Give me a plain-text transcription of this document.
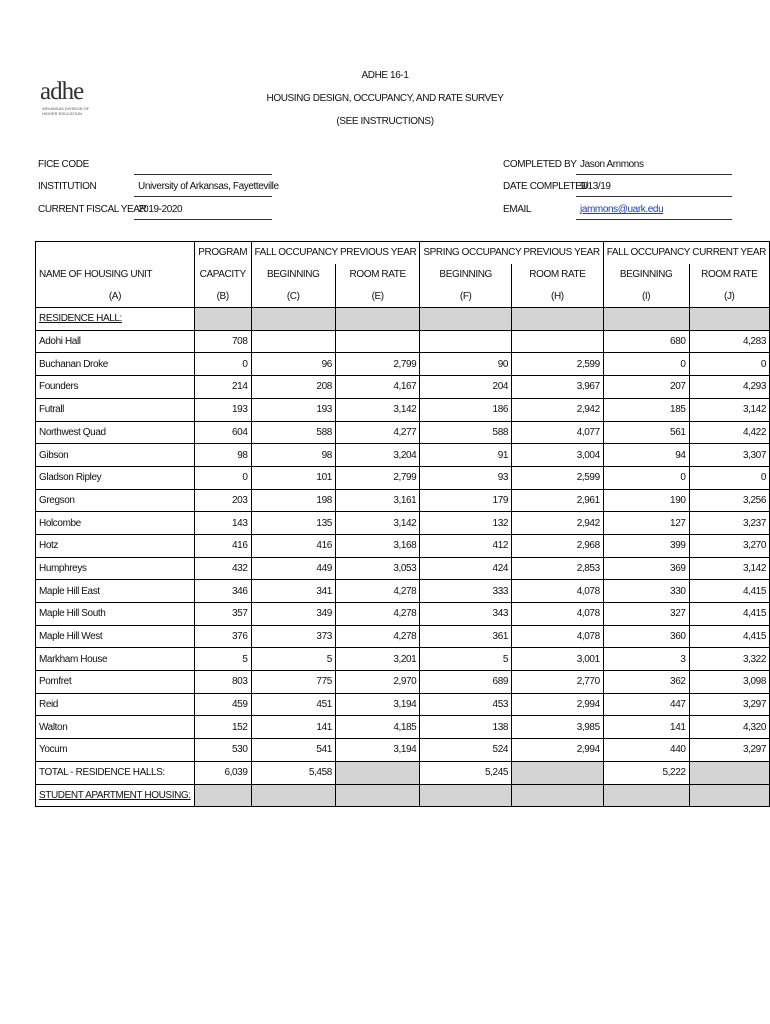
adhe
ARKANSAS DIVISION OF HIGHER EDUCATION
ADHE 16-1
HOUSING DESIGN, OCCUPANCY, AND RATE SURVEY
(SEE INSTRUCTIONS)
FICE CODE
INSTITUTION	University of Arkansas, Fayetteville
CURRENT FISCAL YEAR
2019-2020
COMPLETED BY Jason Ammons
DATE COMPLETED
9/13/19
EMAIL	jammons@uark.edu
	PROGRAM	FALL OCCUPANCY PREVIOUS YEAR		SPRING OCCUPANCY PREVIOUS YEAR		FALL OCCUPANCY CURRENT YEAR	
NAME OF HOUSING UNIT	CAPACITY	BEGINNING	ROOM RATE	BEGINNING	ROOM RATE	BEGINNING	ROOM RATE
(A)	(B)	(C)	(E)	(F)	(H)	(I)	(J)
RESIDENCE HALL:							
Adohi Hall	708					680	4,283
Buchanan Droke	0	96	2,799	90	2,599	0	0
Founders	214	208	4,167	204	3,967	207	4,293
Futrall	193	193	3,142	186	2,942	185	3,142
Northwest Quad	604	588	4,277	588	4,077	561	4,422
Gibson	98	98	3,204	91	3,004	94	3,307
Gladson Ripley	0	101	2,799	93	2,599	0	0
Gregson	203	198	3,161	179	2,961	190	3,256
Holcombe	143	135	3,142	132	2,942	127	3,237
Hotz	416	416	3,168	412	2,968	399	3,270
Humphreys	432	449	3,053	424	2,853	369	3,142
Maple Hill East	346	341	4,278	333	4,078	330	4,415
Maple Hill South	357	349	4,278	343	4,078	327	4,415
Maple Hill West	376	373	4,278	361	4,078	360	4,415
Markham House	5	5	3,201	5	3,001	3	3,322
Pomfret	803	775	2,970	689	2,770	362	3,098
Reid	459	451	3,194	453	2,994	447	3,297
Walton	152	141	4,185	138	3,985	141	4,320
Yocum	530	541	3,194	524	2,994	440	3,297
TOTAL - RESIDENCE HALLS:	6,039	5,458		5,245		5,222	
STUDENT APARTMENT HOUSING:							
